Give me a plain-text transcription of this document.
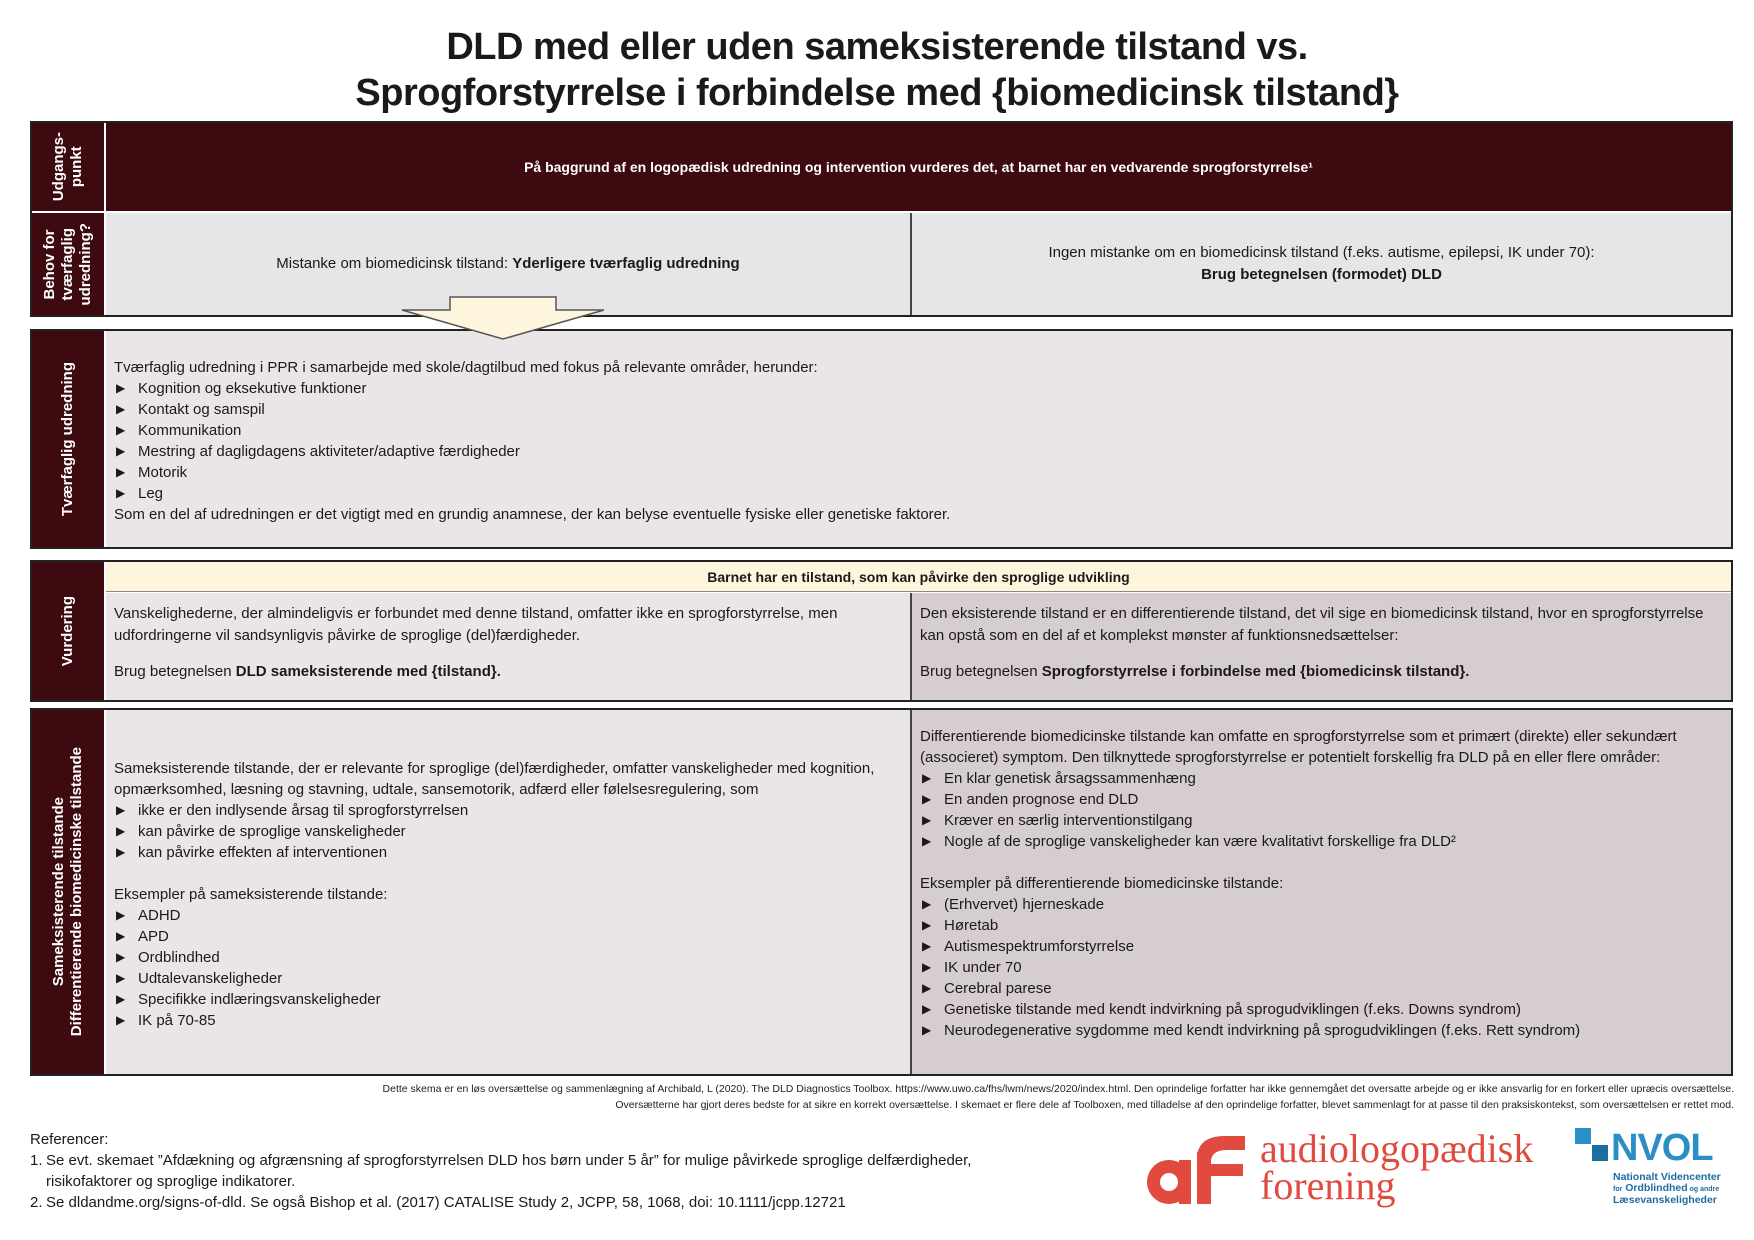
DLD med eller uden sameksisterende tilstand vs.
Sprogforstyrrelse i forbindelse med {biomedicinsk tilstand}
Udgangs-
punkt
Behov for
tværfaglig
udredning?
På baggrund af en logopædisk udredning og intervention vurderes det, at barnet har en vedvarende sprogforstyrrelse¹
Mistanke om biomedicinsk tilstand: Yderligere tværfaglig udredning
Ingen mistanke om en biomedicinsk tilstand (f.eks. autisme, epilepsi, IK under 70):
Brug betegnelsen (formodet) DLD
Tværfaglig udredning	Tværfaglig udredning i PPR i samarbejde med skole/dagtilbud med fokus på relevante områder, herunder:
▶ Kognition og eksekutive funktioner
▶ Kontakt og samspil
▶ Kommunikation
▶ Mestring af dagligdagens aktiviteter/adaptive færdigheder
▶ Motorik
▶ Leg
Som en del af udredningen er det vigtigt med en grundig anamnese, der kan belyse eventuelle fysiske eller genetiske faktorer.
Vurdering
Barnet har en tilstand, som kan påvirke den sproglige udvikling

Vanskelighederne, der almindeligvis er forbundet med denne tilstand, omfatter ikke en sprogforstyrrelse, men udfordringerne vil sandsynligvis påvirke de sproglige (del)færdigheder.

Brug betegnelsen DLD sameksisterende med {tilstand}.

Den eksisterende tilstand er en differentierende tilstand, det vil sige en biomedicinsk tilstand, hvor en sprogforstyrrelse kan opstå som en del af et komplekst mønster af funktionsnedsættelser:

Brug betegnelsen Sprogforstyrrelse i forbindelse med {biomedicinsk tilstand}.

Sameksisterende tilstande
Differentierende biomedicinske tilstande Sameksisterende tilstande, der er relevante for sproglige (del)færdigheder, omfatter vanskeligheder med kognition, opmærksomhed, læsning og stavning, udtale, sansemotorik, adfærd eller følelsesregulering, som
▶ ikke er den indlysende årsag til sprogforstyrrelsen
▶ kan påvirke de sproglige vanskeligheder
▶ kan påvirke effekten af interventionen
Eksempler på sameksisterende tilstande:
▶ ADHD
▶ APD
▶ Ordblindhed
▶ Udtalevanskeligheder
▶ Specifikke indlæringsvanskeligheder
▶ IK på 70-85
Differentierende biomedicinske tilstande kan omfatte en sprogforstyrrelse som et primært (direkte) eller sekundært (associeret) symptom. Den tilknyttede sprogforstyrrelse er potentielt forskellig fra DLD på en eller flere områder:
▶ En klar genetisk årsagssammenhæng
▶ En anden prognose end DLD
▶ Kræver en særlig interventionstilgang
▶ Nogle af de sproglige vanskeligheder kan være kvalitativt forskellige fra DLD²
Eksempler på differentierende biomedicinske tilstande:
▶ (Erhvervet) hjerneskade
▶ Høretab
▶ Autismespektrumforstyrrelse
▶ IK under 70
▶ Cerebral parese
▶ Genetiske tilstande med kendt indvirkning på sprogudviklingen (f.eks. Downs syndrom)
▶ Neurodegenerative sygdomme med kendt indvirkning på sprogudviklingen (f.eks. Rett syndrom)
Dette skema er en løs oversættelse og sammenlægning af Archibald, L (2020). The DLD Diagnostics Toolbox. https://www.uwo.ca/fhs/lwm/news/2020/index.html. Den oprindelige forfatter har ikke gennemgået det oversatte arbejde og er ikke ansvarlig for en forkert eller upræcis oversættelse.
Oversætterne har gjort deres bedste for at sikre en korrekt oversættelse. I skemaet er flere dele af Toolboxen, med tilladelse af den oprindelige forfatter, blevet sammenlagt for at passe til den praksiskontekst, som oversættelsen er rettet mod.
Referencer:
1. Se evt. skemaet ”Afdækning og afgrænsning af sprogforstyrrelsen DLD hos børn under 5 år” for mulige påvirkede sproglige delfærdigheder, risikofaktorer og sproglige indikatorer.
2. Se dldandme.org/signs-of-dld. Se også Bishop et al. (2017) CATALISE Study 2, JCPP, 58, 1068, doi: 10.1111/jcpp.12721
audiologopædisk
forening
NVOL
Nationalt Videncenter
for Ordblindhed og andre
Læsevanskeligheder
